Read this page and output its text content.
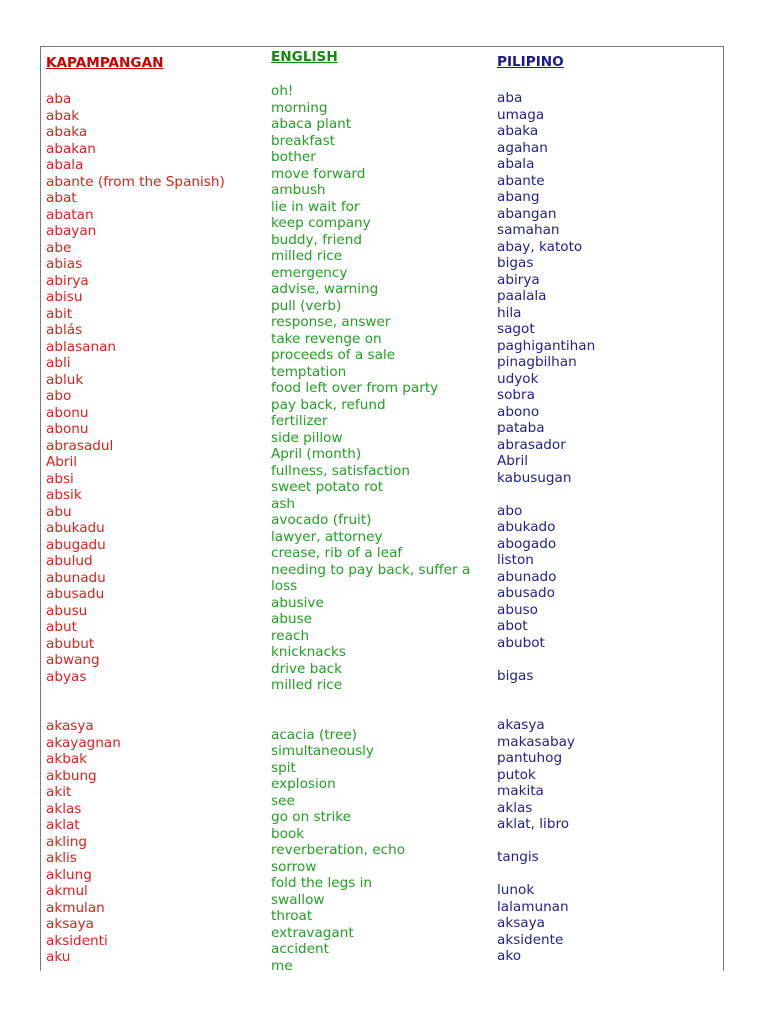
KAPAMPANGAN	ENGLISH	PILIPINO
aba
abak
abaka
abakan
abala
abante (from the Spanish)
abat
abatan
abayan
abe
abias
abirya
abisu
abit
ablás
ablasanan
abli
abluk
abo
abonu
abonu
abrasadul
Abril
absi
absik
abu
abukadu
abugadu
abulud
abunadu
abusadu
abusu
abut
abubut
abwang
abyas
akasya
akayagnan
akbak
akbung
akit
aklas
aklat
akling
aklis
aklung
akmul
akmulan
aksaya
aksidenti
aku
oh!
morning
abaca plant
breakfast
bother
move forward
ambush
lie in wait for
keep company
buddy, friend
milled rice
emergency
advise, warning
pull (verb)
response, answer
take revenge on
proceeds of a sale
temptation
food left over from party
pay back, refund
fertilizer
side pillow
April (month)
fullness, satisfaction
sweet potato rot
ash
avocado (fruit)
lawyer, attorney
crease, rib of a leaf
needing to pay back, suffer a
loss
abusive
abuse
reach
knicknacks
drive back
milled rice
acacia (tree)
simultaneously
spit
explosion
see
go on strike
book
reverberation, echo
sorrow
fold the legs in
swallow
throat
extravagant
accident
me
aba
umaga
abaka
agahan
abala
abante
abang
abangan
samahan
abay, katoto
bigas
abirya
paalala
hila
sagot
paghigantihan
pinagbilhan
udyok
sobra
abono
pataba
abrasador
Abril
kabusugan
abo
abukado
abogado
liston
abunado
abusado
abuso
abot
abubot
bigas
akasya
makasabay
pantuhog
putok
makita
aklas
aklat, libro
tangis
lunok
lalamunan
aksaya
aksidente
ako
